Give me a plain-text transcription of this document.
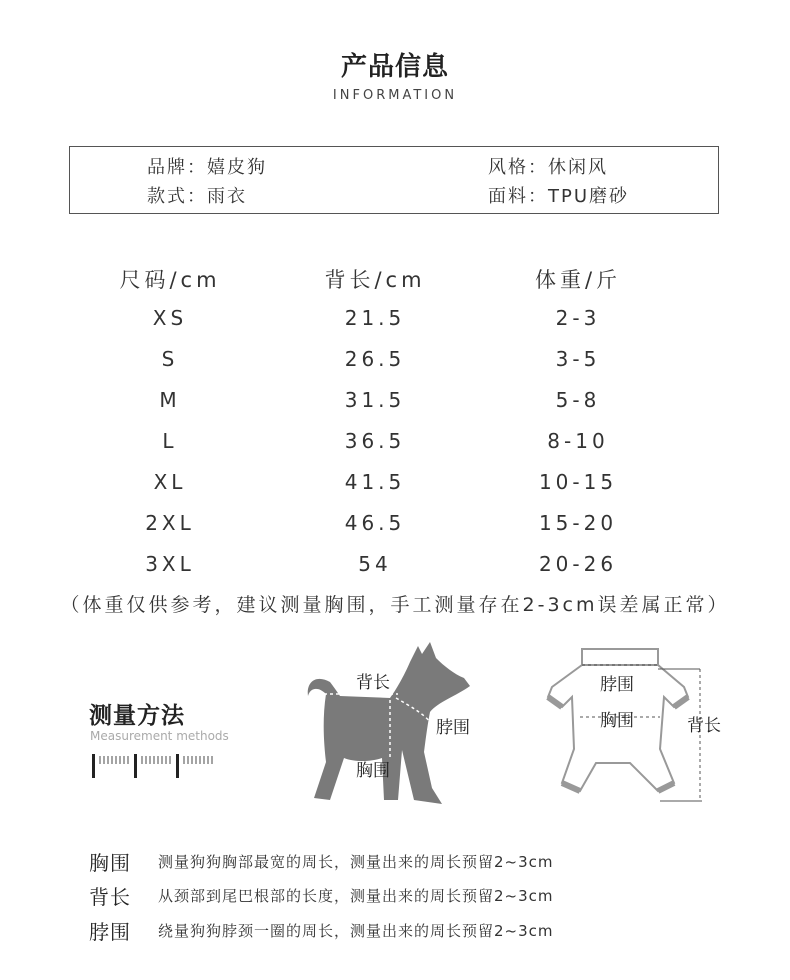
产品信息
INFORMATION
品牌：嬉皮狗	风格：休闲风
款式：雨衣	面料：TPU磨砂
尺码/cm	背长/cm	体重/斤
XS	21.5	2-3
S	26.5	3-5
M	31.5	5-8
L	36.5	8-10
XL	41.5	10-15
2XL	46.5	15-20
3XL	54	20-26
（体重仅供参考，建议测量胸围，手工测量存在2-3cm误差属正常）
测量方法
Measurement methods
背长
脖围
胸围
脖围
胸围	背长
胸围 测量狗狗胸部最宽的周长，测量出来的周长预留2~3cm
背长 从颈部到尾巴根部的长度，测量出来的周长预留2~3cm
脖围 绕量狗狗脖颈一圈的周长，测量出来的周长预留2~3cm
